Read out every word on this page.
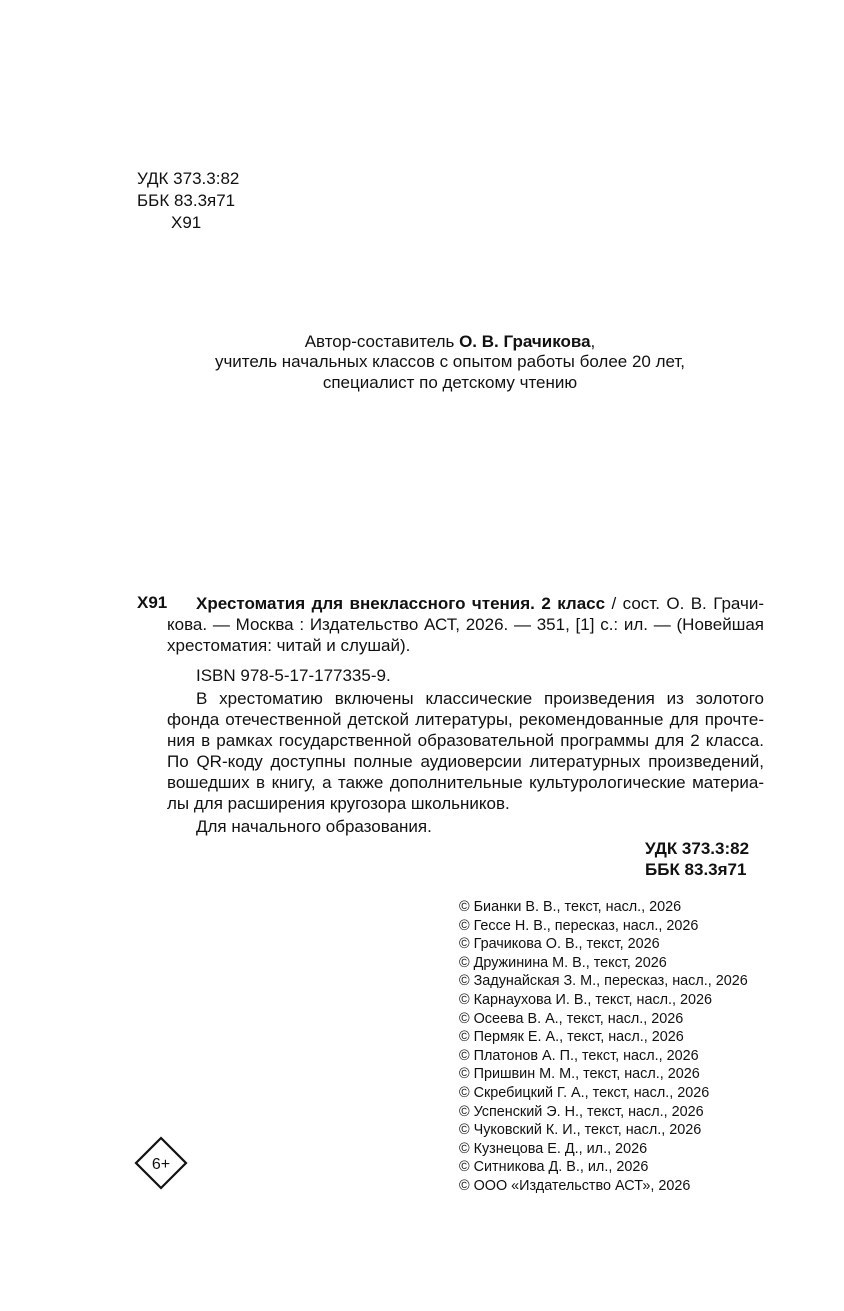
УДК 373.3:82
ББК 83.3я71
Х91
Автор-составитель О. В. Грачикова,
учитель начальных классов с опытом работы более 20 лет,
специалист по детскому чтению
Х91 Хрестоматия для внеклассного чтения. 2 класс / сост. О. В. Грачи-
кова. — Москва : Издательство АСТ, 2026. — 351, [1] с.: ил. — (Новейшая
хрестоматия: читай и слушай).
ISBN 978-5-17-177335-9.
В хрестоматию включены классические произведения из золотого
фонда отечественной детской литературы, рекомендованные для прочте-
ния в рамках государственной образовательной программы для 2 класса.
По QR-коду доступны полные аудиоверсии литературных произведений,
вошедших в книгу, а также дополнительные культурологические материа-
лы для расширения кругозора школьников.
Для начального образования.
УДК 373.3:82
ББК 83.3я71
© Бианки В. В., текст, насл., 2026
© Гессе Н. В., пересказ, насл., 2026
© Грачикова О. В., текст, 2026
© Дружинина М. В., текст, 2026
© Задунайская З. М., пересказ, насл., 2026
© Карнаухова И. В., текст, насл., 2026
© Осеева В. А., текст, насл., 2026
© Пермяк Е. А., текст, насл., 2026
© Платонов А. П., текст, насл., 2026
© Пришвин М. М., текст, насл., 2026
© Скребицкий Г. А., текст, насл., 2026
© Успенский Э. Н., текст, насл., 2026
© Чуковский К. И., текст, насл., 2026
© Кузнецова Е. Д., ил., 2026
© Ситникова Д. В., ил., 2026
© ООО «Издательство АСТ», 2026
6+
